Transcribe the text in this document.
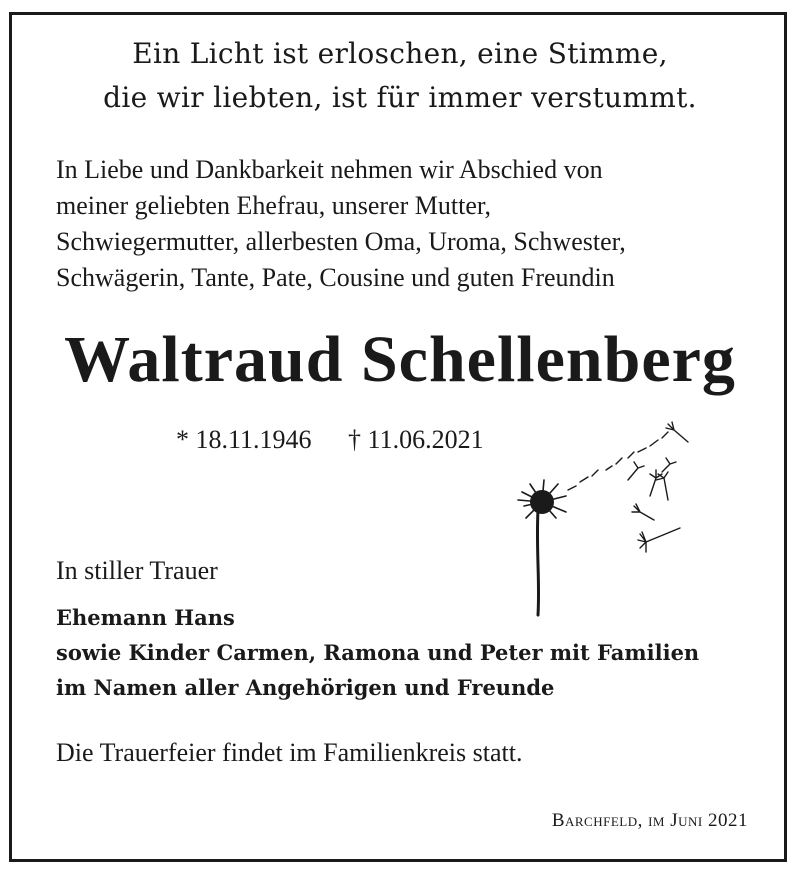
Ein Licht ist erloschen, eine Stimme,
die wir liebten, ist für immer verstummt.
In Liebe und Dankbarkeit nehmen wir Abschied von
meiner geliebten Ehefrau, unserer Mutter,
Schwiegermutter, allerbesten Oma, Uroma, Schwester,
Schwägerin, Tante, Pate, Cousine und guten Freundin
Waltraud Schellenberg
* 18.11.1946 † 11.06.2021
In stiller Trauer
Ehemann Hans
sowie Kinder Carmen, Ramona und Peter mit Familien
im Namen aller Angehörigen und Freunde
Die Trauerfeier findet im Familienkreis statt.
Barchfeld, im Juni 2021
